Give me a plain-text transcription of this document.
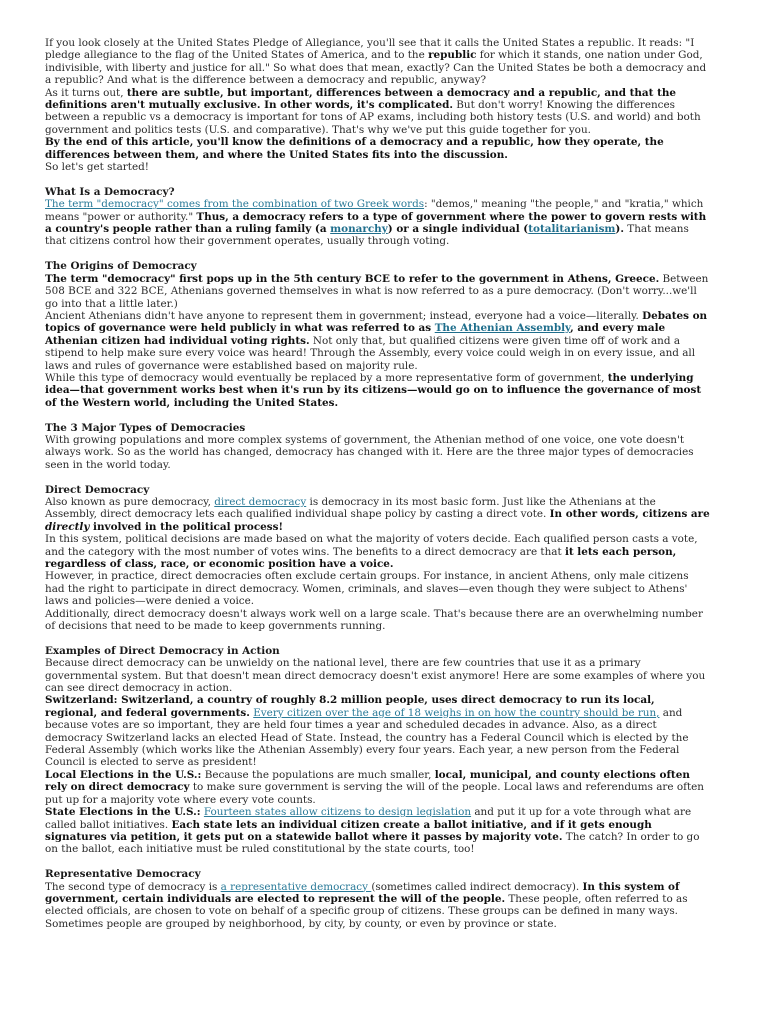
If you look closely at the United States Pledge of Allegiance, you'll see that it calls the United States a republic. It reads: "I pledge allegiance to the flag of the United States of America, and to the republic for which it stands, one nation under God, indivisible, with liberty and justice for all." So what does that mean, exactly? Can the United States be both a democracy and a republic? And what is the difference between a democracy and republic, anyway?

As it turns out, there are subtle, but important, differences between a democracy and a republic, and that the definitions aren't mutually exclusive. In other words, it's complicated. But don't worry! Knowing the differences between a republic vs a democracy is important for tons of AP exams, including both history tests (U.S. and world) and both government and politics tests (U.S. and comparative). That's why we've put this guide together for you.

By the end of this article, you'll know the definitions of a democracy and a republic, how they operate, the differences between them, and where the United States fits into the discussion.

So let's get started!

What Is a Democracy?

The term "democracy" comes from the combination of two Greek words: "demos," meaning "the people," and "kratia," which means "power or authority." Thus, a democracy refers to a type of government where the power to govern rests with a country's people rather than a ruling family (a monarchy) or a single individual (totalitarianism). That means that citizens control how their government operates, usually through voting.

The Origins of Democracy

The term "democracy" first pops up in the 5th century BCE to refer to the government in Athens, Greece. Between 508 BCE and 322 BCE, Athenians governed themselves in what is now referred to as a pure democracy. (Don't worry...we'll go into that a little later.)

Ancient Athenians didn't have anyone to represent them in government; instead, everyone had a voice—literally. Debates on topics of governance were held publicly in what was referred to as The Athenian Assembly, and every male Athenian citizen had individual voting rights. Not only that, but qualified citizens were given time off of work and a stipend to help make sure every voice was heard! Through the Assembly, every voice could weigh in on every issue, and all laws and rules of governance were established based on majority rule.

While this type of democracy would eventually be replaced by a more representative form of government, the underlying idea—that government works best when it's run by its citizens—would go on to influence the governance of most of the Western world, including the United States.

The 3 Major Types of Democracies

With growing populations and more complex systems of government, the Athenian method of one voice, one vote doesn't always work. So as the world has changed, democracy has changed with it. Here are the three major types of democracies seen in the world today.

Direct Democracy

Also known as pure democracy, direct democracy is democracy in its most basic form. Just like the Athenians at the Assembly, direct democracy lets each qualified individual shape policy by casting a direct vote. In other words, citizens are directly involved in the political process!

In this system, political decisions are made based on what the majority of voters decide. Each qualified person casts a vote, and the category with the most number of votes wins. The benefits to a direct democracy are that it lets each person, regardless of class, race, or economic position have a voice.

However, in practice, direct democracies often exclude certain groups. For instance, in ancient Athens, only male citizens had the right to participate in direct democracy. Women, criminals, and slaves—even though they were subject to Athens' laws and policies—were denied a voice.

Additionally, direct democracy doesn't always work well on a large scale. That's because there are an overwhelming number of decisions that need to be made to keep governments running.

Examples of Direct Democracy in Action

Because direct democracy can be unwieldy on the national level, there are few countries that use it as a primary governmental system. But that doesn't mean direct democracy doesn't exist anymore! Here are some examples of where you can see direct democracy in action.

Switzerland: Switzerland, a country of roughly 8.2 million people, uses direct democracy to run its local, regional, and federal governments. Every citizen over the age of 18 weighs in on how the country should be run, and because votes are so important, they are held four times a year and scheduled decades in advance. Also, as a direct democracy Switzerland lacks an elected Head of State. Instead, the country has a Federal Council which is elected by the Federal Assembly (which works like the Athenian Assembly) every four years. Each year, a new person from the Federal Council is elected to serve as president!

Local Elections in the U.S.: Because the populations are much smaller, local, municipal, and county elections often rely on direct democracy to make sure government is serving the will of the people. Local laws and referendums are often put up for a majority vote where every vote counts.

State Elections in the U.S.: Fourteen states allow citizens to design legislation and put it up for a vote through what are called ballot initiatives. Each state lets an individual citizen create a ballot initiative, and if it gets enough signatures via petition, it gets put on a statewide ballot where it passes by majority vote. The catch? In order to go on the ballot, each initiative must be ruled constitutional by the state courts, too!

Representative Democracy

The second type of democracy is a representative democracy (sometimes called indirect democracy). In this system of government, certain individuals are elected to represent the will of the people. These people, often referred to as elected officials, are chosen to vote on behalf of a specific group of citizens. These groups can be defined in many ways. Sometimes people are grouped by neighborhood, by city, by county, or even by province or state.
